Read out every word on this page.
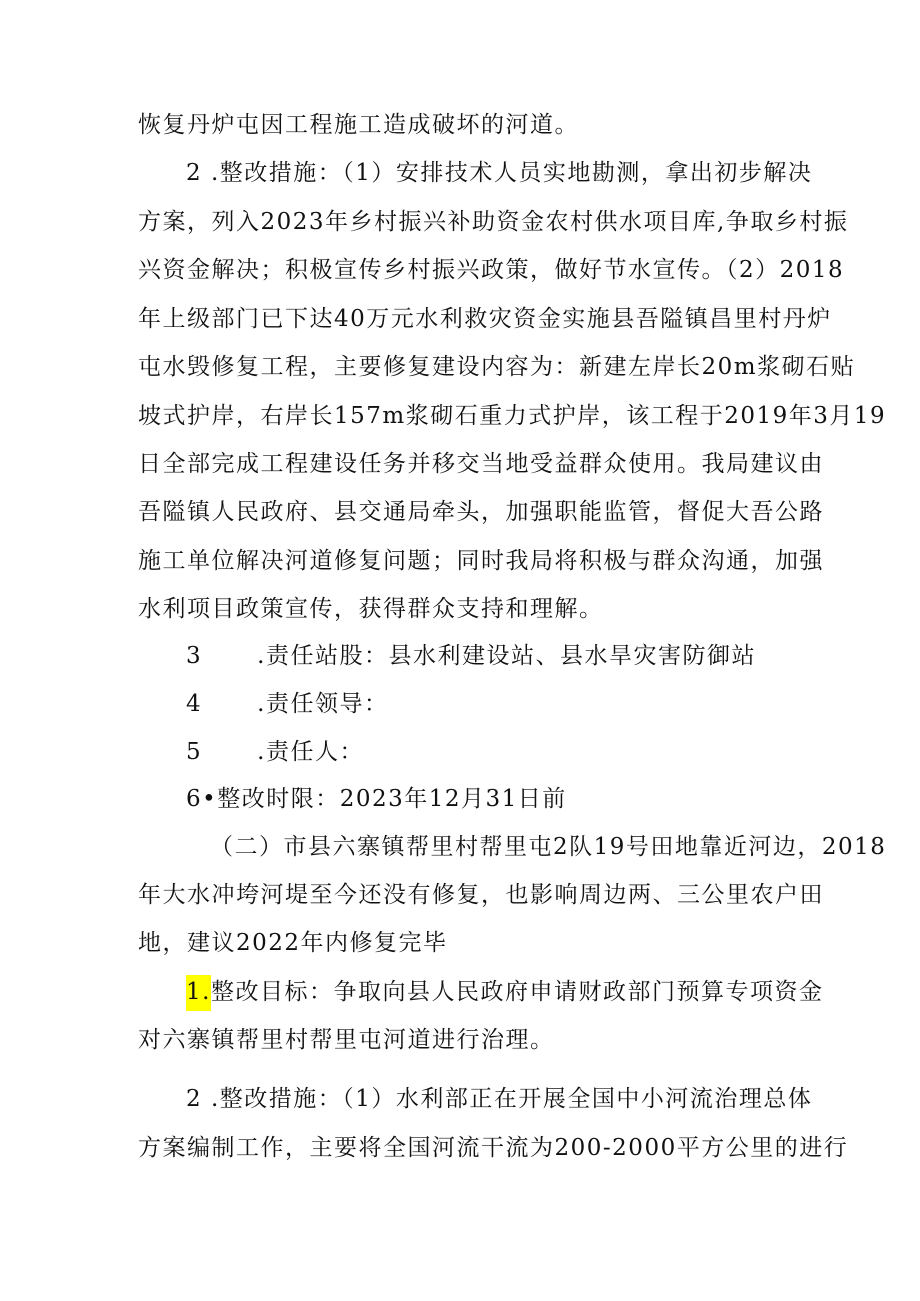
恢复丹炉屯因工程施工造成破坏的河道。
2 .整改措施：（1）安排技术人员实地勘测，拿出初步解决
方案，列入2023年乡村振兴补助资金农村供水项目库,争取乡村振
兴资金解决；积极宣传乡村振兴政策，做好节水宣传。（2）2018
年上级部门已下达40万元水利救灾资金实施县吾隘镇昌里村丹炉
屯水毁修复工程，主要修复建设内容为：新建左岸长20m浆砌石贴
坡式护岸，右岸长157m浆砌石重力式护岸，该工程于2019年3月19
日全部完成工程建设任务并移交当地受益群众使用。我局建议由
吾隘镇人民政府、县交通局牵头，加强职能监管，督促大吾公路
施工单位解决河道修复问题；同时我局将积极与群众沟通，加强
水利项目政策宣传，获得群众支持和理解。
3 .责任站股：县水利建设站、县水旱灾害防御站
4 .责任领导：
5 .责任人：
6•整改时限：2023年12月31日前
（二）市县六寨镇帮里村帮里屯2队19号田地靠近河边，2018
年大水冲垮河堤至今还没有修复，也影响周边两、三公里农户田
地，建议2022年内修复完毕
1.整改目标：争取向县人民政府申请财政部门预算专项资金
对六寨镇帮里村帮里屯河道进行治理。
2 .整改措施：（1）水利部正在开展全国中小河流治理总体
方案编制工作，主要将全国河流干流为200-2000平方公里的进行
